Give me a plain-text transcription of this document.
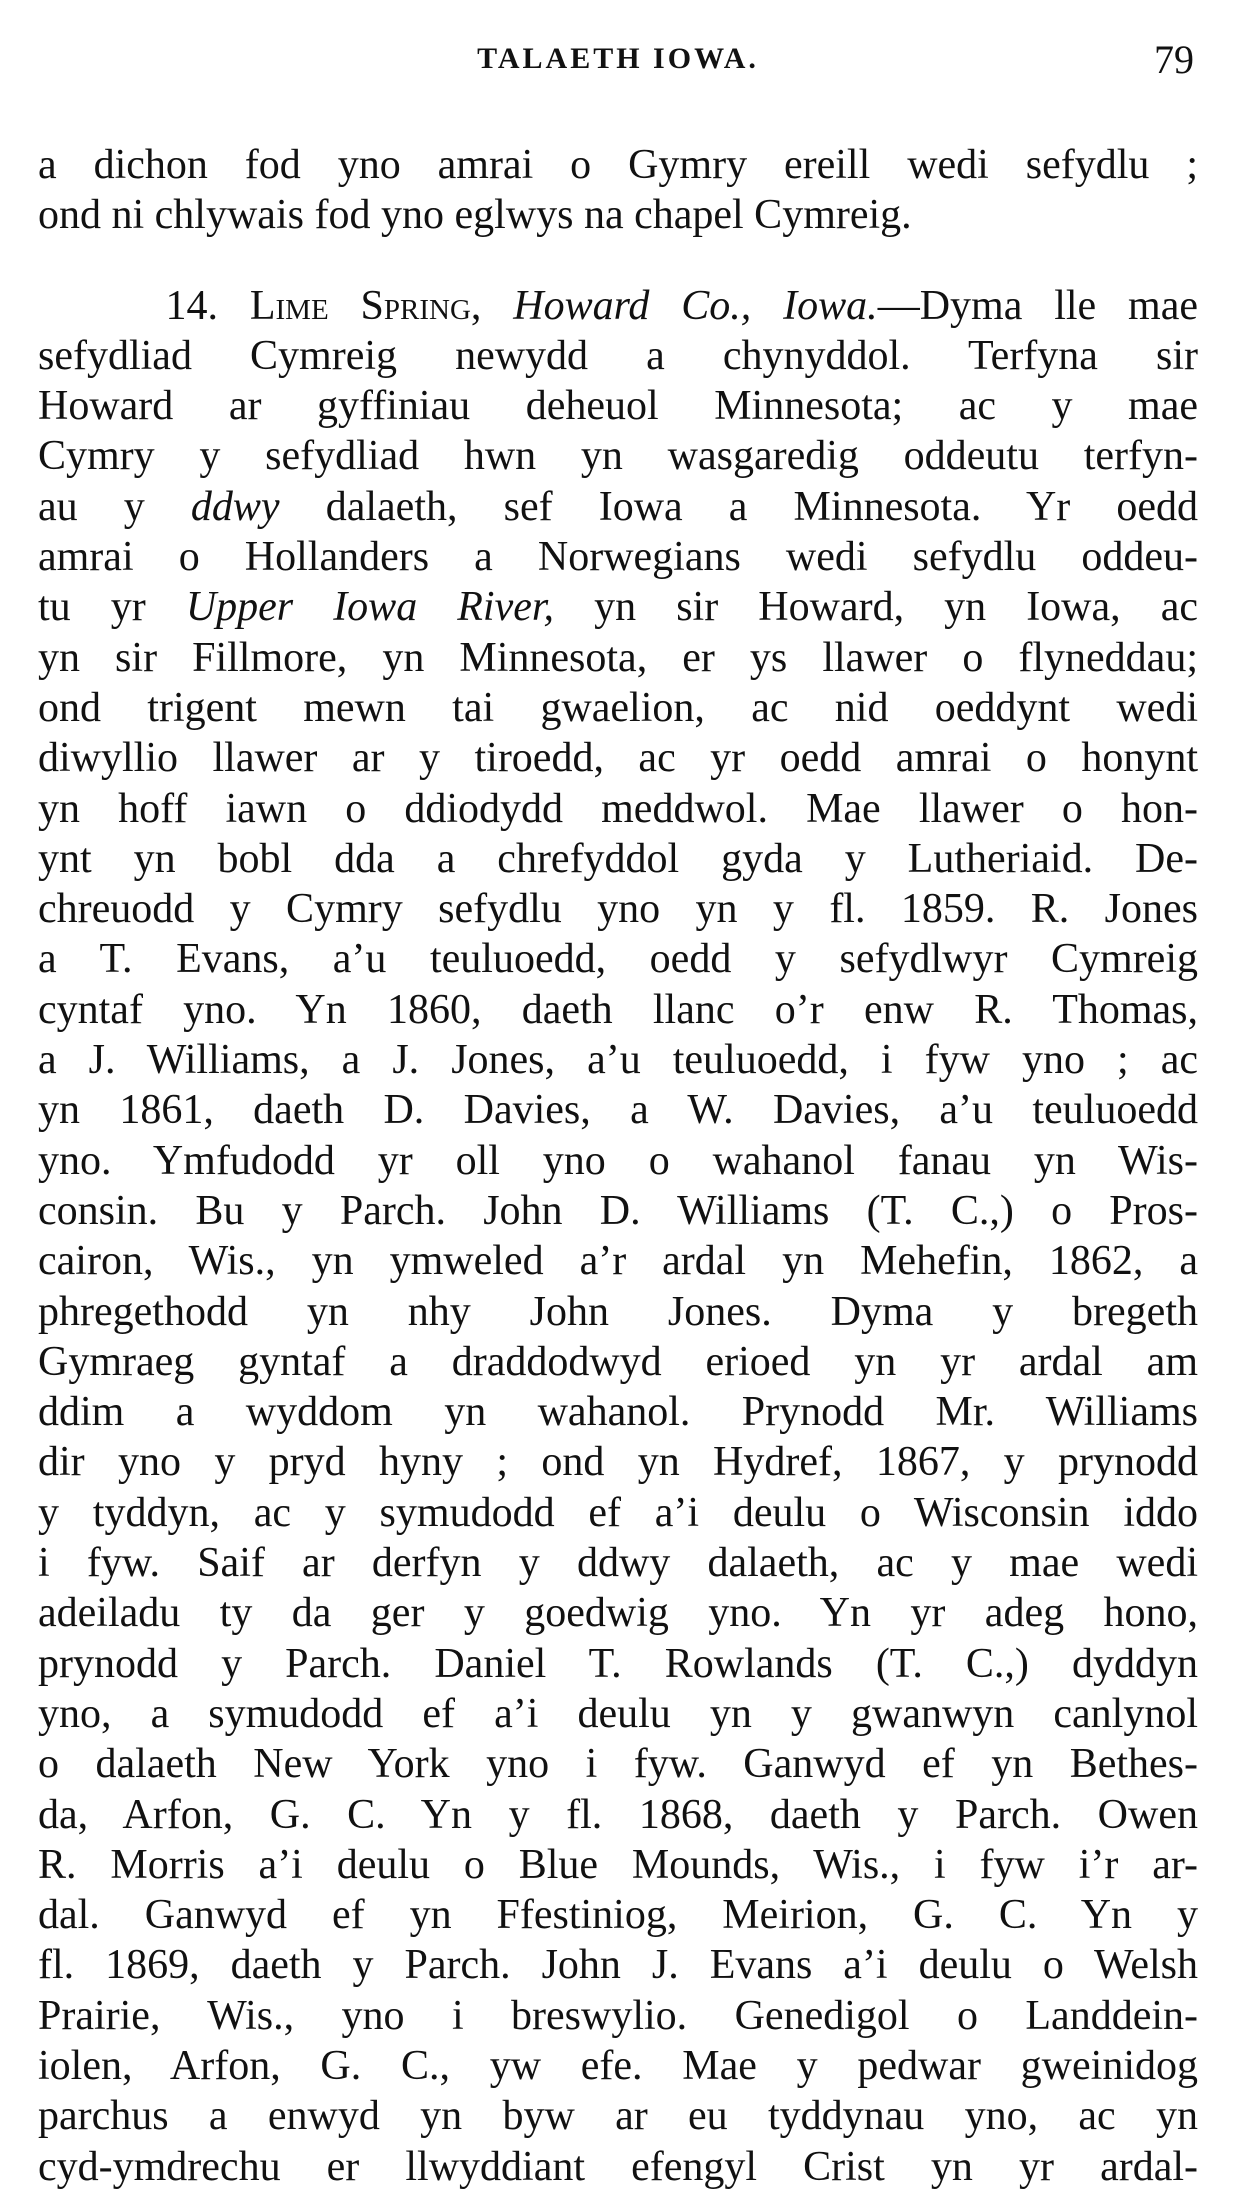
TALAETH IOWA.	79
a dichon fod yno amrai o Gymry ereill wedi sefydlu ;
ond ni chlywais fod yno eglwys na chapel Cymreig.
14. Lime Spring, Howard Co., Iowa.—Dyma lle mae
sefydliad Cymreig newydd a chynyddol. Terfyna sir
Howard ar gyffiniau deheuol Minnesota; ac y mae
Cymry y sefydliad hwn yn wasgaredig oddeutu terfyn-
au y ddwy dalaeth, sef Iowa a Minnesota. Yr oedd
amrai o Hollanders a Norwegians wedi sefydlu oddeu-
tu yr Upper Iowa River, yn sir Howard, yn Iowa, ac
yn sir Fillmore, yn Minnesota, er ys llawer o flyneddau;
ond trigent mewn tai gwaelion, ac nid oeddynt wedi
diwyllio llawer ar y tiroedd, ac yr oedd amrai o honynt
yn hoff iawn o ddiodydd meddwol. Mae llawer o hon-
ynt yn bobl dda a chrefyddol gyda y Lutheriaid. De-
chreuodd y Cymry sefydlu yno yn y fl. 1859. R. Jones
a T. Evans, a’u teuluoedd, oedd y sefydlwyr Cymreig
cyntaf yno. Yn 1860, daeth llanc o’r enw R. Thomas,
a J. Williams, a J. Jones, a’u teuluoedd, i fyw yno ; ac
yn 1861, daeth D. Davies, a W. Davies, a’u teuluoedd
yno. Ymfudodd yr oll yno o wahanol fanau yn Wis-
consin. Bu y Parch. John D. Williams (T. C.,) o Pros-
cairon, Wis., yn ymweled a’r ardal yn Mehefin, 1862, a
phregethodd yn nhy John Jones. Dyma y bregeth
Gymraeg gyntaf a draddodwyd erioed yn yr ardal am
ddim a wyddom yn wahanol. Prynodd Mr. Williams
dir yno y pryd hyny ; ond yn Hydref, 1867, y prynodd
y tyddyn, ac y symudodd ef a’i deulu o Wisconsin iddo
i fyw. Saif ar derfyn y ddwy dalaeth, ac y mae wedi
adeiladu ty da ger y goedwig yno. Yn yr adeg hono,
prynodd y Parch. Daniel T. Rowlands (T. C.,) dyddyn
yno, a symudodd ef a’i deulu yn y gwanwyn canlynol
o dalaeth New York yno i fyw. Ganwyd ef yn Bethes-
da, Arfon, G. C. Yn y fl. 1868, daeth y Parch. Owen
R. Morris a’i deulu o Blue Mounds, Wis., i fyw i’r ar-
dal. Ganwyd ef yn Ffestiniog, Meirion, G. C. Yn y
fl. 1869, daeth y Parch. John J. Evans a’i deulu o Welsh
Prairie, Wis., yno i breswylio. Genedigol o Landdein-
iolen, Arfon, G. C., yw efe. Mae y pedwar gweinidog
parchus a enwyd yn byw ar eu tyddynau yno, ac yn
cyd-ymdrechu er llwyddiant efengyl Crist yn yr ardal-
